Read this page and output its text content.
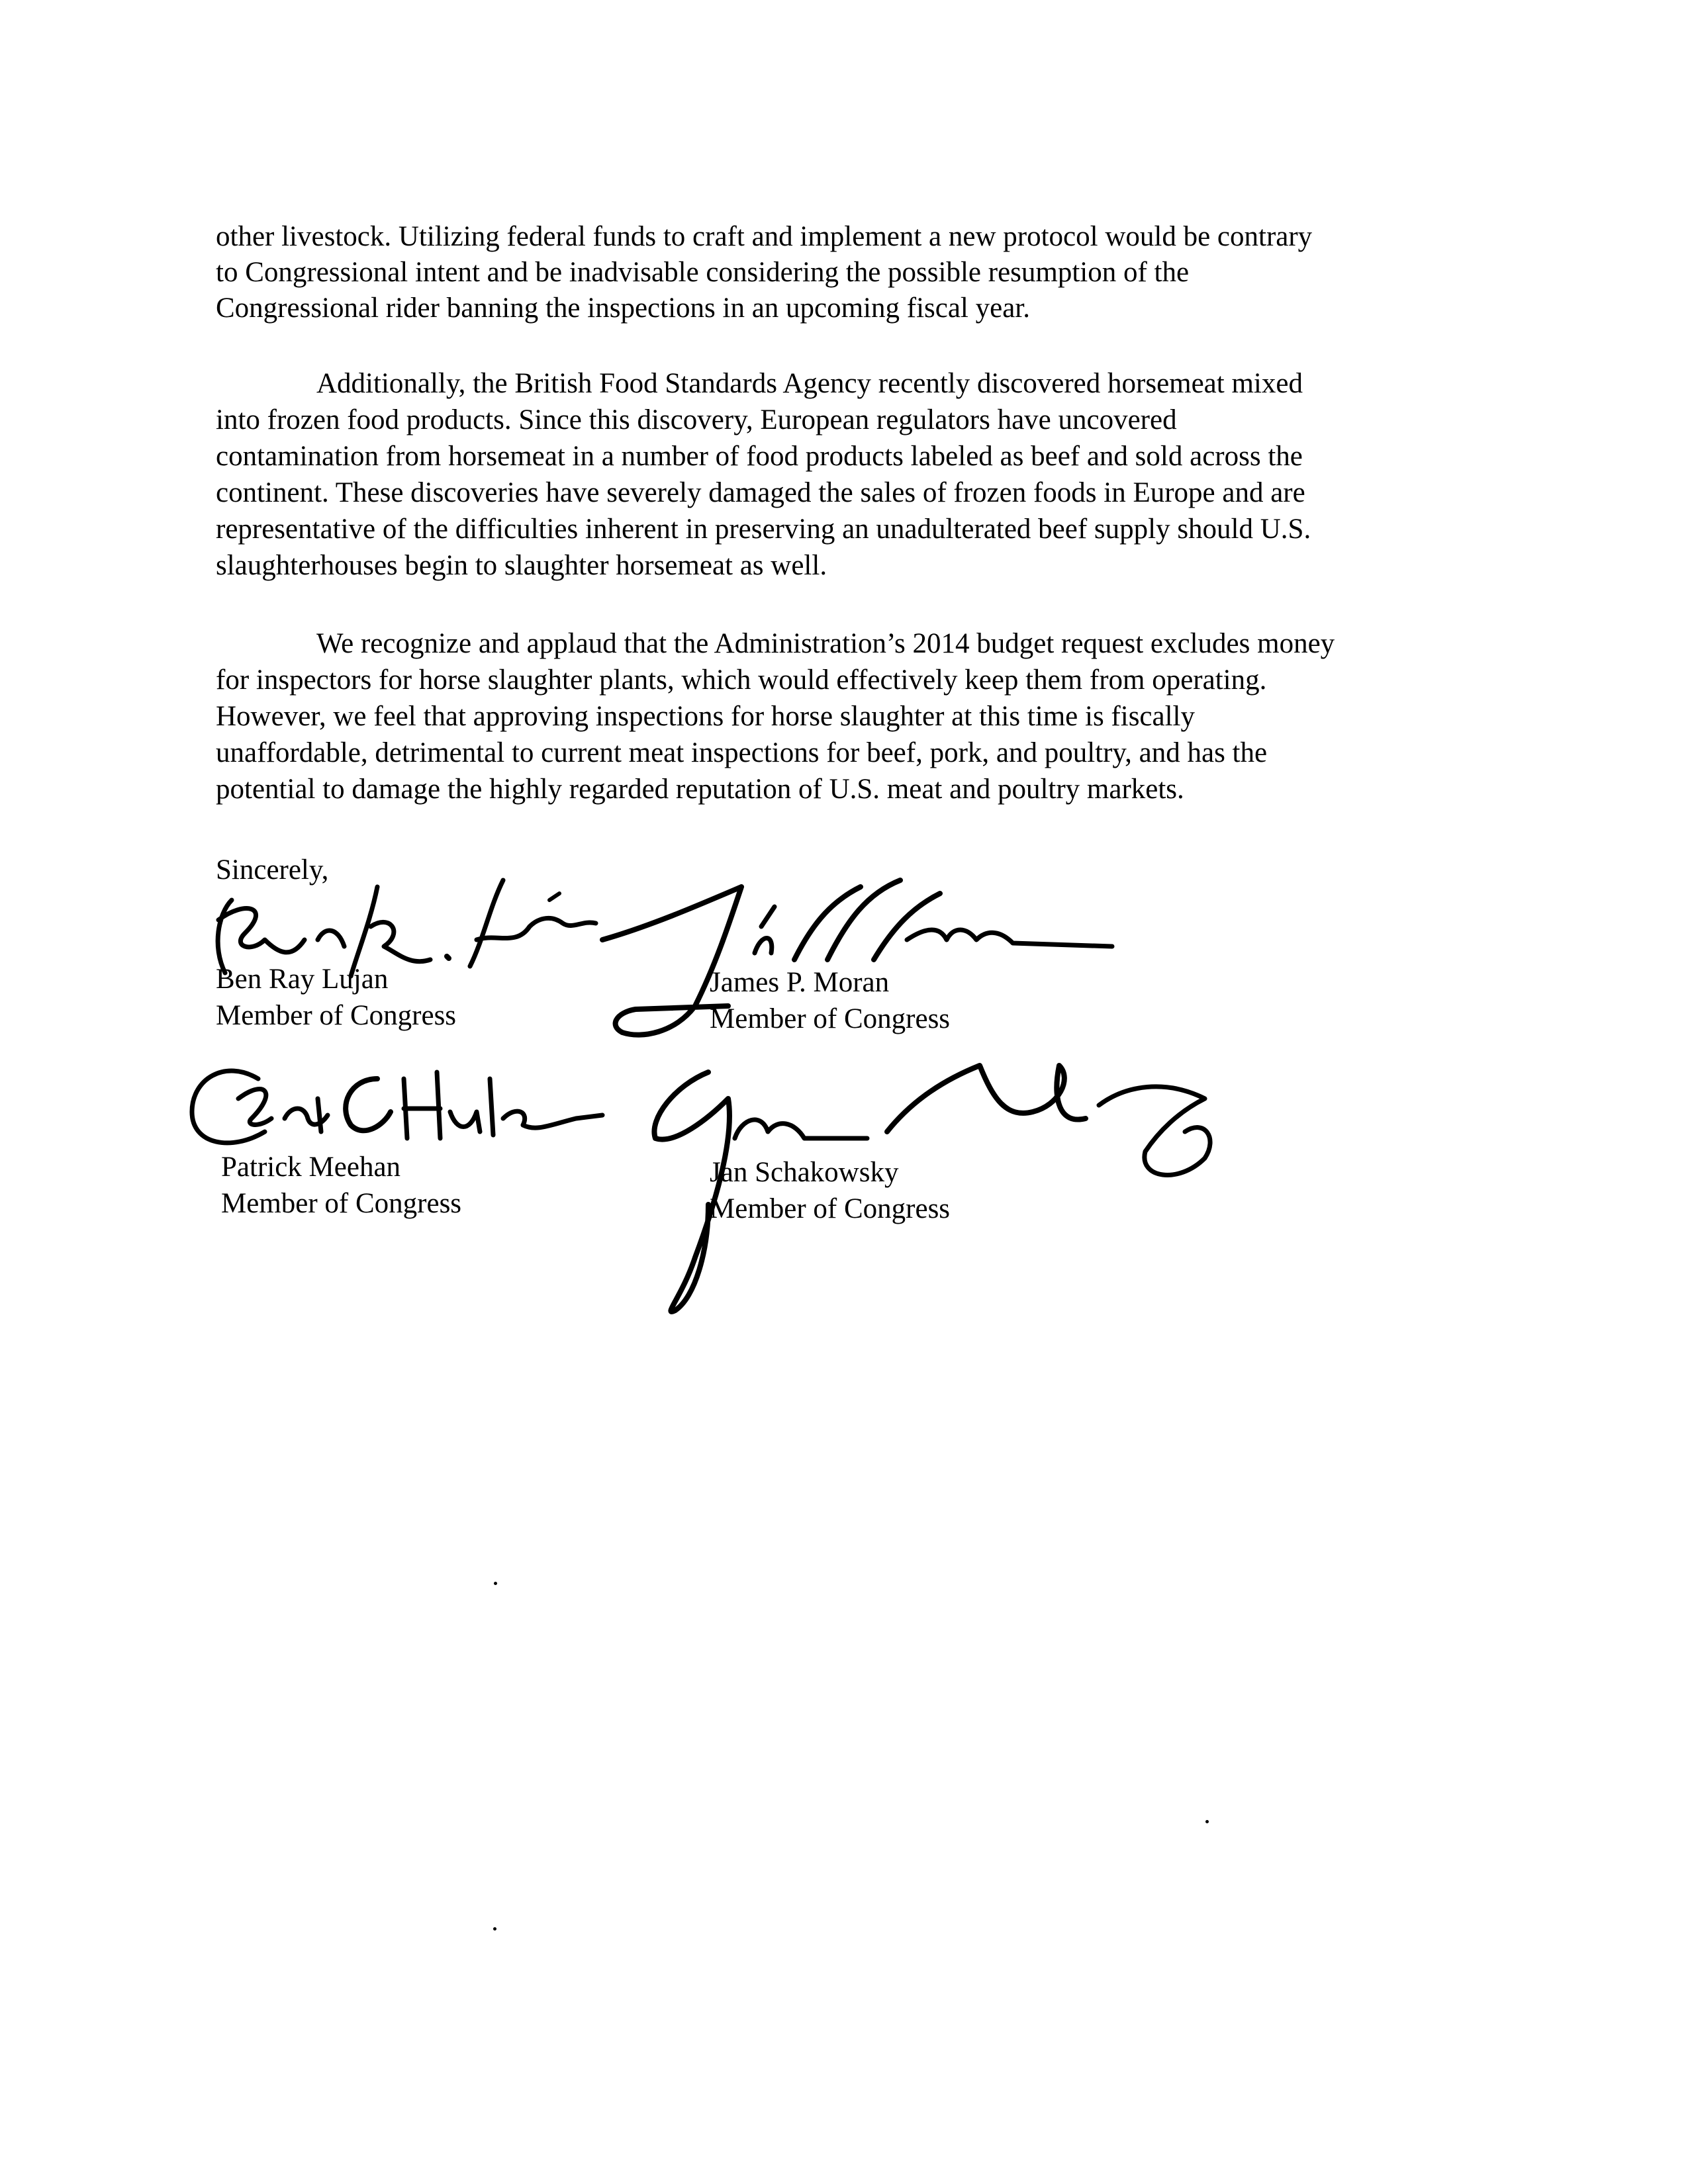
other livestock. Utilizing federal funds to craft and implement a new protocol would be contrary

to Congressional intent and be inadvisable considering the possible resumption of the

Congressional rider banning the inspections in an upcoming fiscal year.

Additionally, the British Food Standards Agency recently discovered horsemeat mixed

into frozen food products. Since this discovery, European regulators have uncovered

contamination from horsemeat in a number of food products labeled as beef and sold across the

continent. These discoveries have severely damaged the sales of frozen foods in Europe and are

representative of the difficulties inherent in preserving an unadulterated beef supply should U.S.

slaughterhouses begin to slaughter horsemeat as well.

We recognize and applaud that the Administration’s 2014 budget request excludes money

for inspectors for horse slaughter plants, which would effectively keep them from operating.

However, we feel that approving inspections for horse slaughter at this time is fiscally

unaffordable, detrimental to current meat inspections for beef, pork, and poultry, and has the

potential to damage the highly regarded reputation of U.S. meat and poultry markets.

Sincerely,

Ben Ray Lujan

Member of Congress

James P. Moran

Member of Congress

Patrick Meehan

Member of Congress

Jan Schakowsky

Member of Congress
